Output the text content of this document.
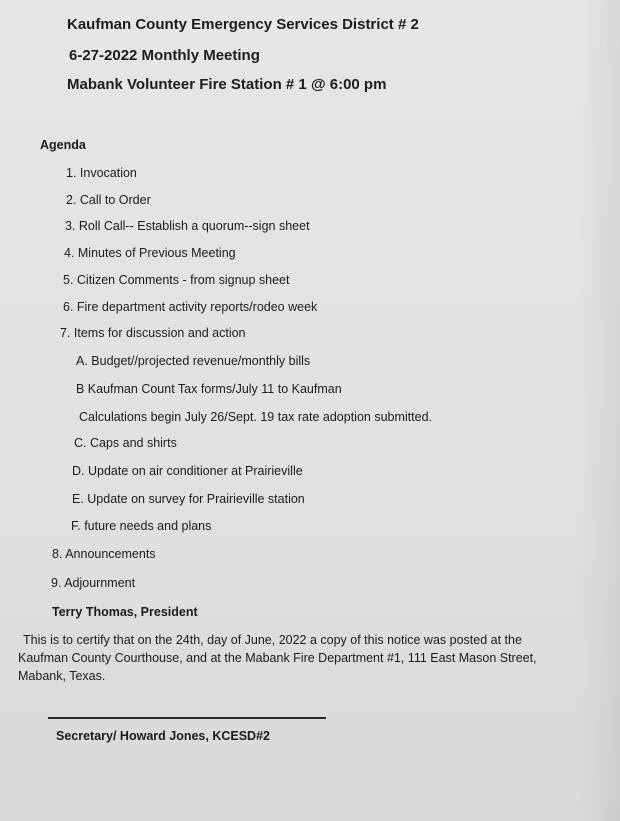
Kaufman County Emergency Services District # 2
6-27-2022 Monthly Meeting
Mabank Volunteer Fire Station # 1 @ 6:00 pm
Agenda
1. Invocation
2. Call to Order
3. Roll Call-- Establish a quorum--sign sheet
4. Minutes of Previous Meeting
5. Citizen Comments - from signup sheet
6. Fire department activity reports/rodeo week
7. Items for discussion and action
A. Budget//projected revenue/monthly bills
B Kaufman Count Tax forms/July 11 to Kaufman
Calculations begin July 26/Sept. 19 tax rate adoption submitted.
C. Caps and shirts
D. Update on air conditioner at Prairieville
E. Update on survey for Prairieville station
F. future needs and plans
8. Announcements
9. Adjournment
Terry Thomas, President
This is to certify that on the 24th, day of June, 2022 a copy of this notice was posted at the
Kaufman County Courthouse, and at the Mabank Fire Department #1, 111 East Mason Street,
Mabank, Texas.
Secretary/ Howard Jones, KCESD#2
